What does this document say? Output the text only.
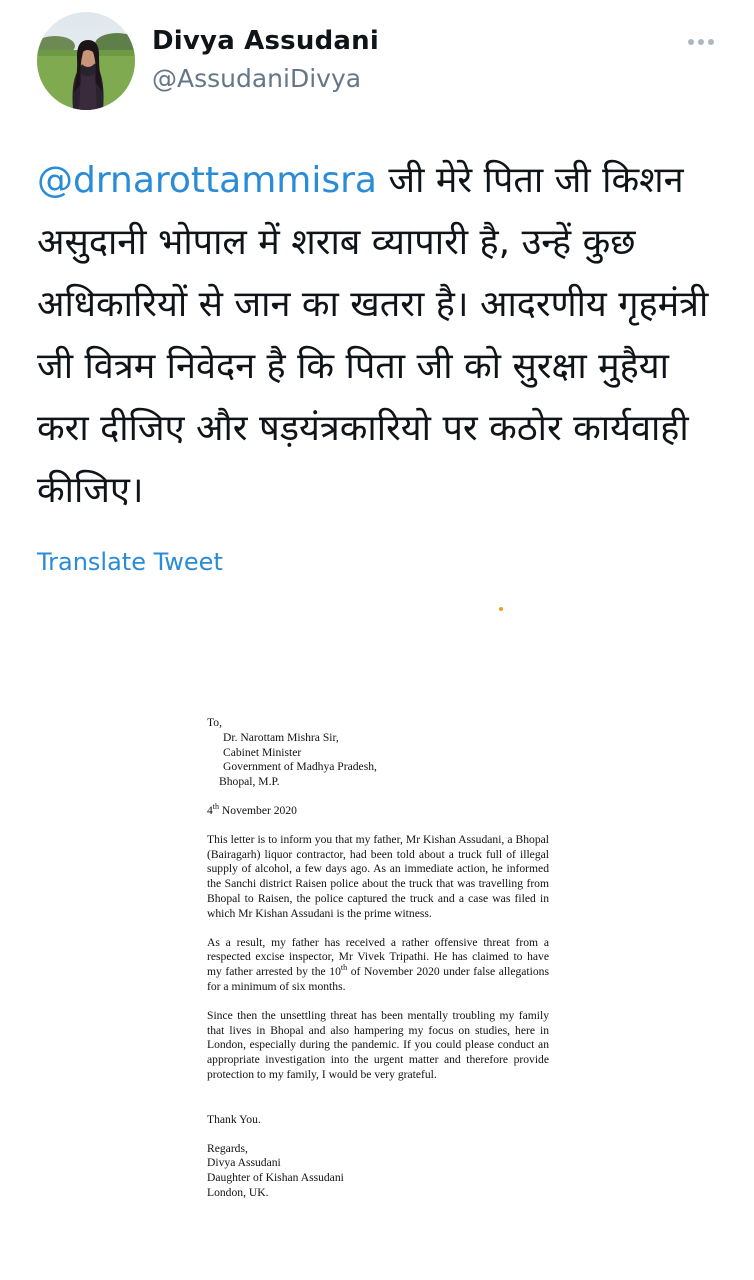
Divya Assudani
@AssudaniDivya
@drnarottammisra जी मेरे पिता जी किशन असुदानी भोपाल में शराब व्यापारी है, उन्हें कुछ अधिकारियों से जान का खतरा है। आदरणीय गृहमंत्री जी वित्रम निवेदन है कि पिता जी को सुरक्षा मुहैया करा दीजिए और षड़यंत्रकारियो पर कठोर कार्यवाही कीजिए।
Translate Tweet

To,

Dr. Narottam Mishra Sir,

Cabinet Minister

Government of Madhya Pradesh,

Bhopal, M.P.

4th November 2020

This letter is to inform you that my father, Mr Kishan Assudani, a Bhopal (Bairagarh) liquor contractor, had been told about a truck full of illegal supply of alcohol, a few days ago. As an immediate action, he informed the Sanchi district Raisen police about the truck that was travelling from Bhopal to Raisen, the police captured the truck and a case was filed in which Mr Kishan Assudani is the prime witness.

As a result, my father has received a rather offensive threat from a respected excise inspector, Mr Vivek Tripathi. He has claimed to have my father arrested by the 10th of November 2020 under false allegations for a minimum of six months.

Since then the unsettling threat has been mentally troubling my family that lives in Bhopal and also hampering my focus on studies, here in London, especially during the pandemic. If you could please conduct an appropriate investigation into the urgent matter and therefore provide protection to my family, I would be very grateful.

Thank You.

Regards,

Divya Assudani

Daughter of Kishan Assudani

London, UK.
